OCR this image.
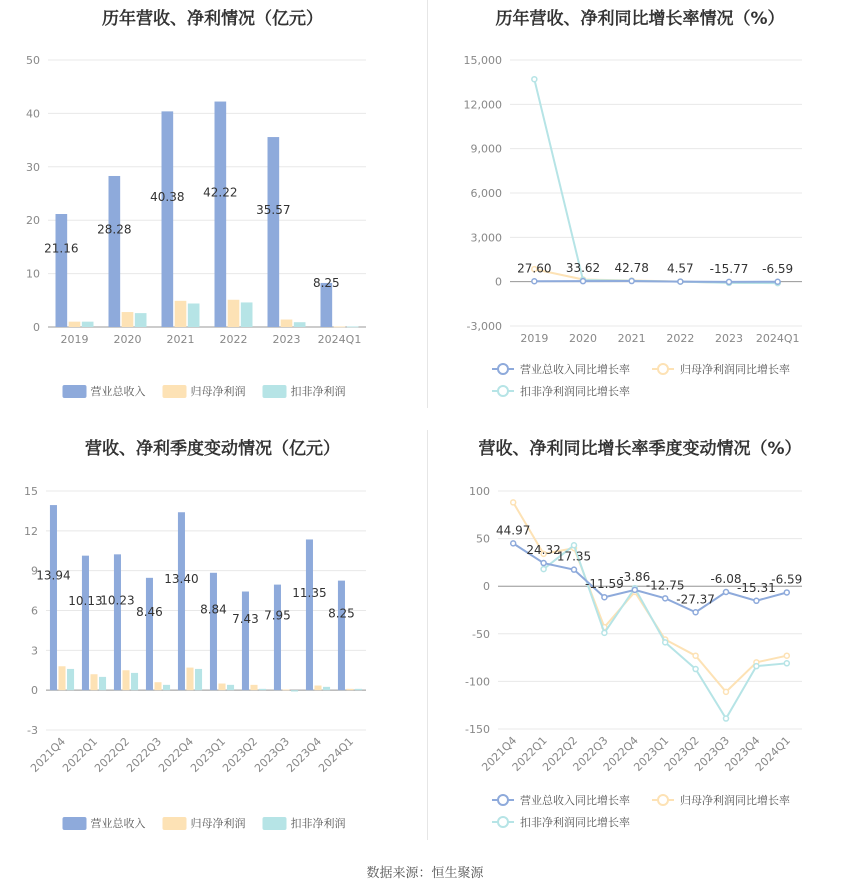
历年营收、净利情况（亿元）
0
10
20
30
40
50
2019 2020 2021 2022 2023 2024Q1
21.16
28.28
40.38 42.22
35.57
8.25
营业总收入	归母净利润	扣非净利润
历年营收、净利同比增长率情况（%）
-3,000
0
3,000
6,000
9,000
12,000
15,000
2019 2020 2021 2022 2023 2024Q1
27.60 33.62 42.78 4.57 -15.77 -6.59
营业总收入同比增长率	归母净利润同比增长率
扣非净利润同比增长率
营收、净利季度变动情况（亿元）
-3
0
3
6
9
12
15
2021Q4
2022Q1
2022Q2
2022Q3
2022Q4
2023Q1
2023Q2
2023Q3
2023Q4
2024Q1
13.94
10.13
10.23
8.46
13.40
8.84
7.43 7.95
11.35
8.25
营业总收入	归母净利润	扣非净利润
营收、净利同比增长率季度变动情况（%）
-150
-100
-50
0
50
100
2021Q4
2022Q1
2022Q2
2022Q3
2022Q4
2023Q1
2023Q2
2023Q3
2023Q4
2024Q1
44.97
24.32
17.35
-11.59
-3.86
-12.75
-27.37
-6.08
-15.31
-6.59
营业总收入同比增长率	归母净利润同比增长率
扣非净利润同比增长率
数据来源：恒生聚源
